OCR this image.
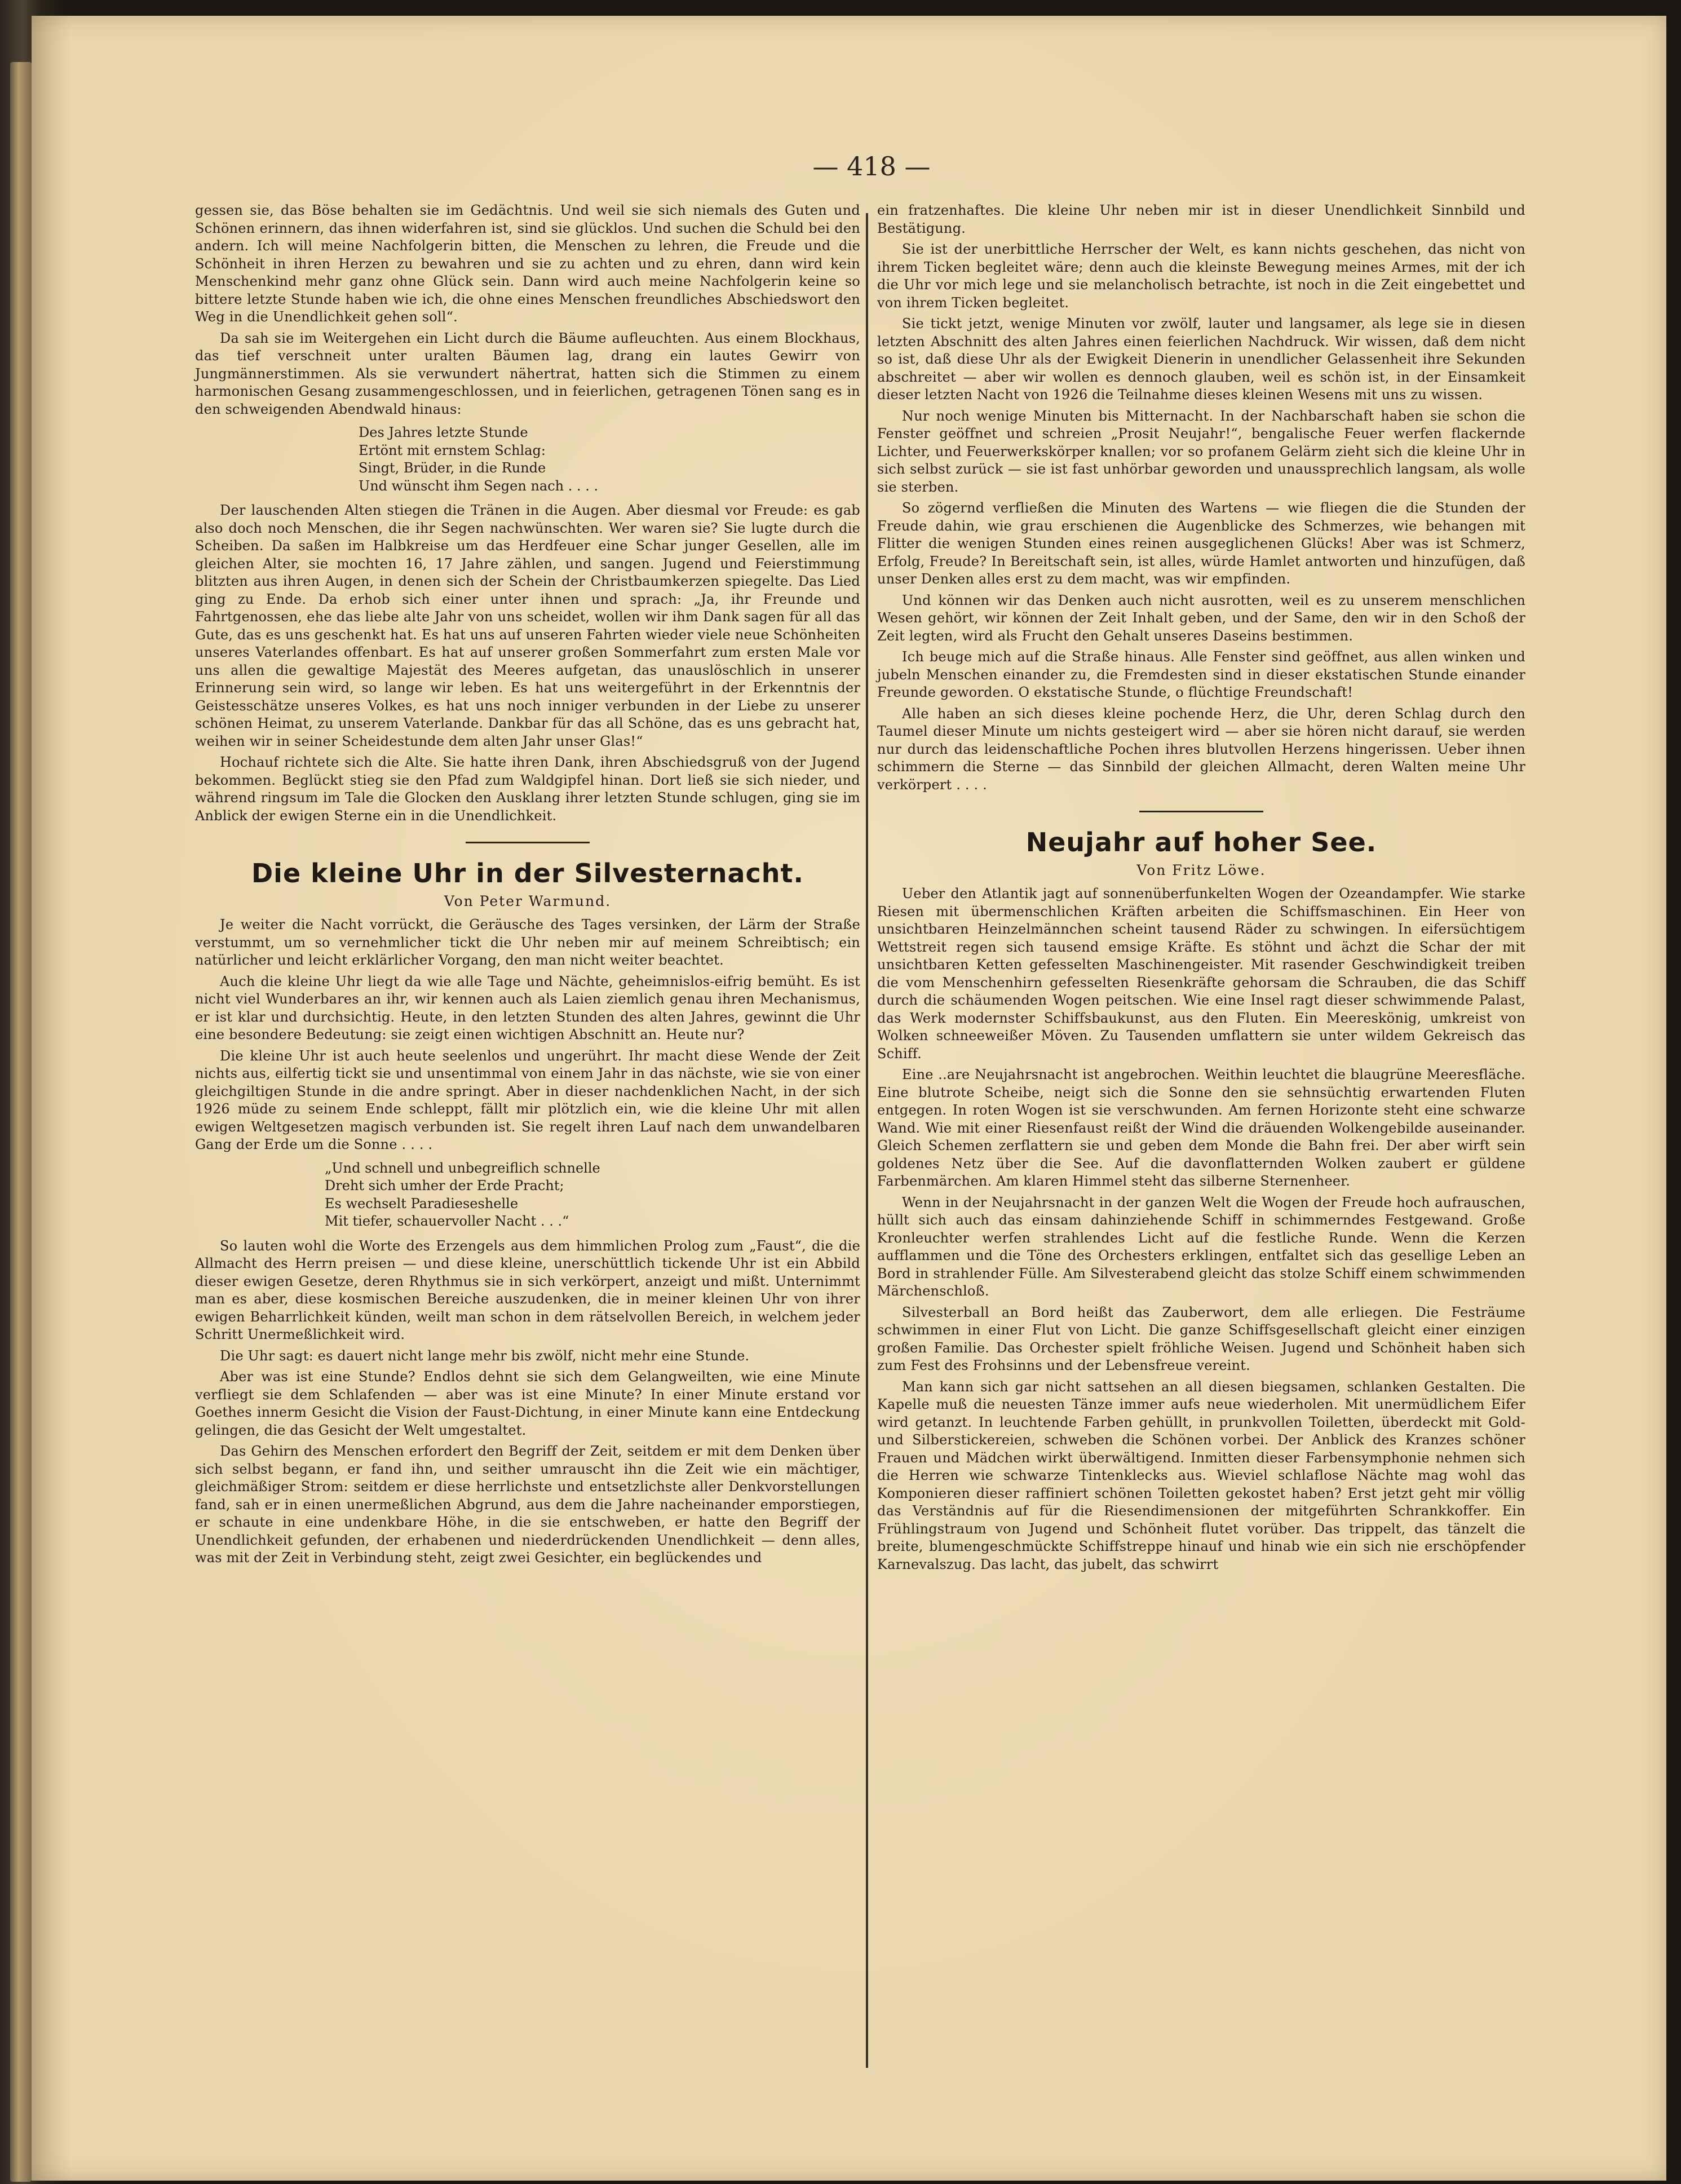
— 418 —

gessen sie, das Böse behalten sie im Gedächtnis. Und weil sie sich niemals des Guten und Schönen erinnern, das ihnen widerfahren ist, sind sie glücklos. Und suchen die Schuld bei den andern. Ich will meine Nachfolgerin bitten, die Menschen zu lehren, die Freude und die Schönheit in ihren Herzen zu bewahren und sie zu achten und zu ehren, dann wird kein Menschenkind mehr ganz ohne Glück sein. Dann wird auch meine Nachfolgerin keine so bittere letzte Stunde haben wie ich, die ohne eines Menschen freundliches Abschiedswort den Weg in die Unendlichkeit gehen soll“.

Da sah sie im Weitergehen ein Licht durch die Bäume aufleuchten. Aus einem Blockhaus, das tief verschneit unter uralten Bäumen lag, drang ein lautes Gewirr von Jungmännerstimmen. Als sie verwundert nähertrat, hatten sich die Stimmen zu einem harmonischen Gesang zusammengeschlossen, und in feierlichen, getragenen Tönen sang es in den schweigenden Abendwald hinaus:

Des Jahres letzte Stunde
Ertönt mit ernstem Schlag:
Singt, Brüder, in die Runde
Und wünscht ihm Segen nach . . . .

Der lauschenden Alten stiegen die Tränen in die Augen. Aber diesmal vor Freude: es gab also doch noch Menschen, die ihr Segen nachwünschten. Wer waren sie? Sie lugte durch die Scheiben. Da saßen im Halbkreise um das Herdfeuer eine Schar junger Gesellen, alle im gleichen Alter, sie mochten 16, 17 Jahre zählen, und sangen. Jugend und Feierstimmung blitzten aus ihren Augen, in denen sich der Schein der Christbaumkerzen spiegelte. Das Lied ging zu Ende. Da erhob sich einer unter ihnen und sprach: „Ja, ihr Freunde und Fahrtgenossen, ehe das liebe alte Jahr von uns scheidet, wollen wir ihm Dank sagen für all das Gute, das es uns geschenkt hat. Es hat uns auf unseren Fahrten wieder viele neue Schönheiten unseres Vaterlandes offenbart. Es hat auf unserer großen Sommerfahrt zum ersten Male vor uns allen die gewaltige Majestät des Meeres aufgetan, das unauslöschlich in unserer Erinnerung sein wird, so lange wir leben. Es hat uns weitergeführt in der Erkenntnis der Geistesschätze unseres Volkes, es hat uns noch inniger verbunden in der Liebe zu unserer schönen Heimat, zu unserem Vaterlande. Dankbar für das all Schöne, das es uns gebracht hat, weihen wir in seiner Scheidestunde dem alten Jahr unser Glas!“

Hochauf richtete sich die Alte. Sie hatte ihren Dank, ihren Abschiedsgruß von der Jugend bekommen. Beglückt stieg sie den Pfad zum Waldgipfel hinan. Dort ließ sie sich nieder, und während ringsum im Tale die Glocken den Ausklang ihrer letzten Stunde schlugen, ging sie im Anblick der ewigen Sterne ein in die Unendlichkeit.

Die kleine Uhr in der Silvesternacht.
Von Peter Warmund.

Je weiter die Nacht vorrückt, die Geräusche des Tages versinken, der Lärm der Straße verstummt, um so vernehmlicher tickt die Uhr neben mir auf meinem Schreibtisch; ein natürlicher und leicht erklärlicher Vorgang, den man nicht weiter beachtet.

Auch die kleine Uhr liegt da wie alle Tage und Nächte, geheimnislos-eifrig bemüht. Es ist nicht viel Wunderbares an ihr, wir kennen auch als Laien ziemlich genau ihren Mechanismus, er ist klar und durchsichtig. Heute, in den letzten Stunden des alten Jahres, gewinnt die Uhr eine besondere Bedeutung: sie zeigt einen wichtigen Abschnitt an. Heute nur?

Die kleine Uhr ist auch heute seelenlos und ungerührt. Ihr macht diese Wende der Zeit nichts aus, eilfertig tickt sie und unsentimmal von einem Jahr in das nächste, wie sie von einer gleichgiltigen Stunde in die andre springt. Aber in dieser nachdenklichen Nacht, in der sich 1926 müde zu seinem Ende schleppt, fällt mir plötzlich ein, wie die kleine Uhr mit allen ewigen Weltgesetzen magisch verbunden ist. Sie regelt ihren Lauf nach dem unwandelbaren Gang der Erde um die Sonne . . . .

„Und schnell und unbegreiflich schnelle
Dreht sich umher der Erde Pracht;
Es wechselt Paradieseshelle
Mit tiefer, schauervoller Nacht . . .“

So lauten wohl die Worte des Erzengels aus dem himmlichen Prolog zum „Faust“, die die Allmacht des Herrn preisen — und diese kleine, unerschüttlich tickende Uhr ist ein Abbild dieser ewigen Gesetze, deren Rhythmus sie in sich verkörpert, anzeigt und mißt. Unternimmt man es aber, diese kosmischen Bereiche auszudenken, die in meiner kleinen Uhr von ihrer ewigen Beharrlichkeit künden, weilt man schon in dem rätselvollen Bereich, in welchem jeder Schritt Unermeßlichkeit wird.

Die Uhr sagt: es dauert nicht lange mehr bis zwölf, nicht mehr eine Stunde.

Aber was ist eine Stunde? Endlos dehnt sie sich dem Gelangweilten, wie eine Minute verfliegt sie dem Schlafenden — aber was ist eine Minute? In einer Minute erstand vor Goethes innerm Gesicht die Vision der Faust-Dichtung, in einer Minute kann eine Entdeckung gelingen, die das Gesicht der Welt umgestaltet.

Das Gehirn des Menschen erfordert den Begriff der Zeit, seitdem er mit dem Denken über sich selbst begann, er fand ihn, und seither umrauscht ihn die Zeit wie ein mächtiger, gleichmäßiger Strom: seitdem er diese herrlichste und entsetzlichste aller Denkvorstellungen fand, sah er in einen unermeßlichen Abgrund, aus dem die Jahre nacheinander emporstiegen, er schaute in eine undenkbare Höhe, in die sie entschweben, er hatte den Begriff der Unendlichkeit gefunden, der erhabenen und niederdrückenden Unendlichkeit — denn alles, was mit der Zeit in Verbindung steht, zeigt zwei Gesichter, ein beglückendes und

ein fratzenhaftes. Die kleine Uhr neben mir ist in dieser Unendlichkeit Sinnbild und Bestätigung.

Sie ist der unerbittliche Herrscher der Welt, es kann nichts geschehen, das nicht von ihrem Ticken begleitet wäre; denn auch die kleinste Bewegung meines Armes, mit der ich die Uhr vor mich lege und sie melancholisch betrachte, ist noch in die Zeit eingebettet und von ihrem Ticken begleitet.

Sie tickt jetzt, wenige Minuten vor zwölf, lauter und langsamer, als lege sie in diesen letzten Abschnitt des alten Jahres einen feierlichen Nachdruck. Wir wissen, daß dem nicht so ist, daß diese Uhr als der Ewigkeit Dienerin in unendlicher Gelassenheit ihre Sekunden abschreitet — aber wir wollen es dennoch glauben, weil es schön ist, in der Einsamkeit dieser letzten Nacht von 1926 die Teilnahme dieses kleinen Wesens mit uns zu wissen.

Nur noch wenige Minuten bis Mitternacht. In der Nachbarschaft haben sie schon die Fenster geöffnet und schreien „Prosit Neujahr!“, bengalische Feuer werfen flackernde Lichter, und Feuerwerkskörper knallen; vor so profanem Gelärm zieht sich die kleine Uhr in sich selbst zurück — sie ist fast unhörbar geworden und unaussprechlich langsam, als wolle sie sterben.

So zögernd verfließen die Minuten des Wartens — wie fliegen die die Stunden der Freude dahin, wie grau erschienen die Augenblicke des Schmerzes, wie behangen mit Flitter die wenigen Stunden eines reinen ausgeglichenen Glücks! Aber was ist Schmerz, Erfolg, Freude? In Bereitschaft sein, ist alles, würde Hamlet antworten und hinzufügen, daß unser Denken alles erst zu dem macht, was wir empfinden.

Und können wir das Denken auch nicht ausrotten, weil es zu unserem menschlichen Wesen gehört, wir können der Zeit Inhalt geben, und der Same, den wir in den Schoß der Zeit legten, wird als Frucht den Gehalt unseres Daseins bestimmen.

Ich beuge mich auf die Straße hinaus. Alle Fenster sind geöffnet, aus allen winken und jubeln Menschen einander zu, die Fremdesten sind in dieser ekstatischen Stunde einander Freunde geworden. O ekstatische Stunde, o flüchtige Freundschaft!

Alle haben an sich dieses kleine pochende Herz, die Uhr, deren Schlag durch den Taumel dieser Minute um nichts gesteigert wird — aber sie hören nicht darauf, sie werden nur durch das leidenschaftliche Pochen ihres blutvollen Herzens hingerissen. Ueber ihnen schimmern die Sterne — das Sinnbild der gleichen Allmacht, deren Walten meine Uhr verkörpert . . . .

Neujahr auf hoher See.
Von Fritz Löwe.

Ueber den Atlantik jagt auf sonnenüberfunkelten Wogen der Ozeandampfer. Wie starke Riesen mit übermenschlichen Kräften arbeiten die Schiffsmaschinen. Ein Heer von unsichtbaren Heinzelmännchen scheint tausend Räder zu schwingen. In eifersüchtigem Wettstreit regen sich tausend emsige Kräfte. Es stöhnt und ächzt die Schar der mit unsichtbaren Ketten gefesselten Maschinengeister. Mit rasender Geschwindigkeit treiben die vom Menschenhirn gefesselten Riesenkräfte gehorsam die Schrauben, die das Schiff durch die schäumenden Wogen peitschen. Wie eine Insel ragt dieser schwimmende Palast, das Werk modernster Schiffsbaukunst, aus den Fluten. Ein Meereskönig, umkreist von Wolken schneeweißer Möven. Zu Tausenden umflattern sie unter wildem Gekreisch das Schiff.

Eine ..are Neujahrsnacht ist angebrochen. Weithin leuchtet die blaugrüne Meeresfläche. Eine blutrote Scheibe, neigt sich die Sonne den sie sehnsüchtig erwartenden Fluten entgegen. In roten Wogen ist sie verschwunden. Am fernen Horizonte steht eine schwarze Wand. Wie mit einer Riesenfaust reißt der Wind die dräuenden Wolkengebilde auseinander. Gleich Schemen zerflattern sie und geben dem Monde die Bahn frei. Der aber wirft sein goldenes Netz über die See. Auf die davonflatternden Wolken zaubert er güldene Farbenmärchen. Am klaren Himmel steht das silberne Sternenheer.

Wenn in der Neujahrsnacht in der ganzen Welt die Wogen der Freude hoch aufrauschen, hüllt sich auch das einsam dahinziehende Schiff in schimmerndes Festgewand. Große Kronleuchter werfen strahlendes Licht auf die festliche Runde. Wenn die Kerzen aufflammen und die Töne des Orchesters erklingen, entfaltet sich das gesellige Leben an Bord in strahlender Fülle. Am Silvesterabend gleicht das stolze Schiff einem schwimmenden Märchenschloß.

Silvesterball an Bord heißt das Zauberwort, dem alle erliegen. Die Festräume schwimmen in einer Flut von Licht. Die ganze Schiffsgesellschaft gleicht einer einzigen großen Familie. Das Orchester spielt fröhliche Weisen. Jugend und Schönheit haben sich zum Fest des Frohsinns und der Lebensfreue vereint.

Man kann sich gar nicht sattsehen an all diesen biegsamen, schlanken Gestalten. Die Kapelle muß die neuesten Tänze immer aufs neue wiederholen. Mit unermüdlichem Eifer wird getanzt. In leuchtende Farben gehüllt, in prunkvollen Toiletten, überdeckt mit Gold- und Silberstickereien, schweben die Schönen vorbei. Der Anblick des Kranzes schöner Frauen und Mädchen wirkt überwältigend. Inmitten dieser Farbensymphonie nehmen sich die Herren wie schwarze Tintenklecks aus. Wieviel schlaflose Nächte mag wohl das Komponieren dieser raffiniert schönen Toiletten gekostet haben? Erst jetzt geht mir völlig das Verständnis auf für die Riesendimensionen der mitgeführten Schrankkoffer. Ein Frühlingstraum von Jugend und Schönheit flutet vorüber. Das trippelt, das tänzelt die breite, blumengeschmückte Schiffstreppe hinauf und hinab wie ein sich nie erschöpfender Karnevalszug. Das lacht, das jubelt, das schwirrt
